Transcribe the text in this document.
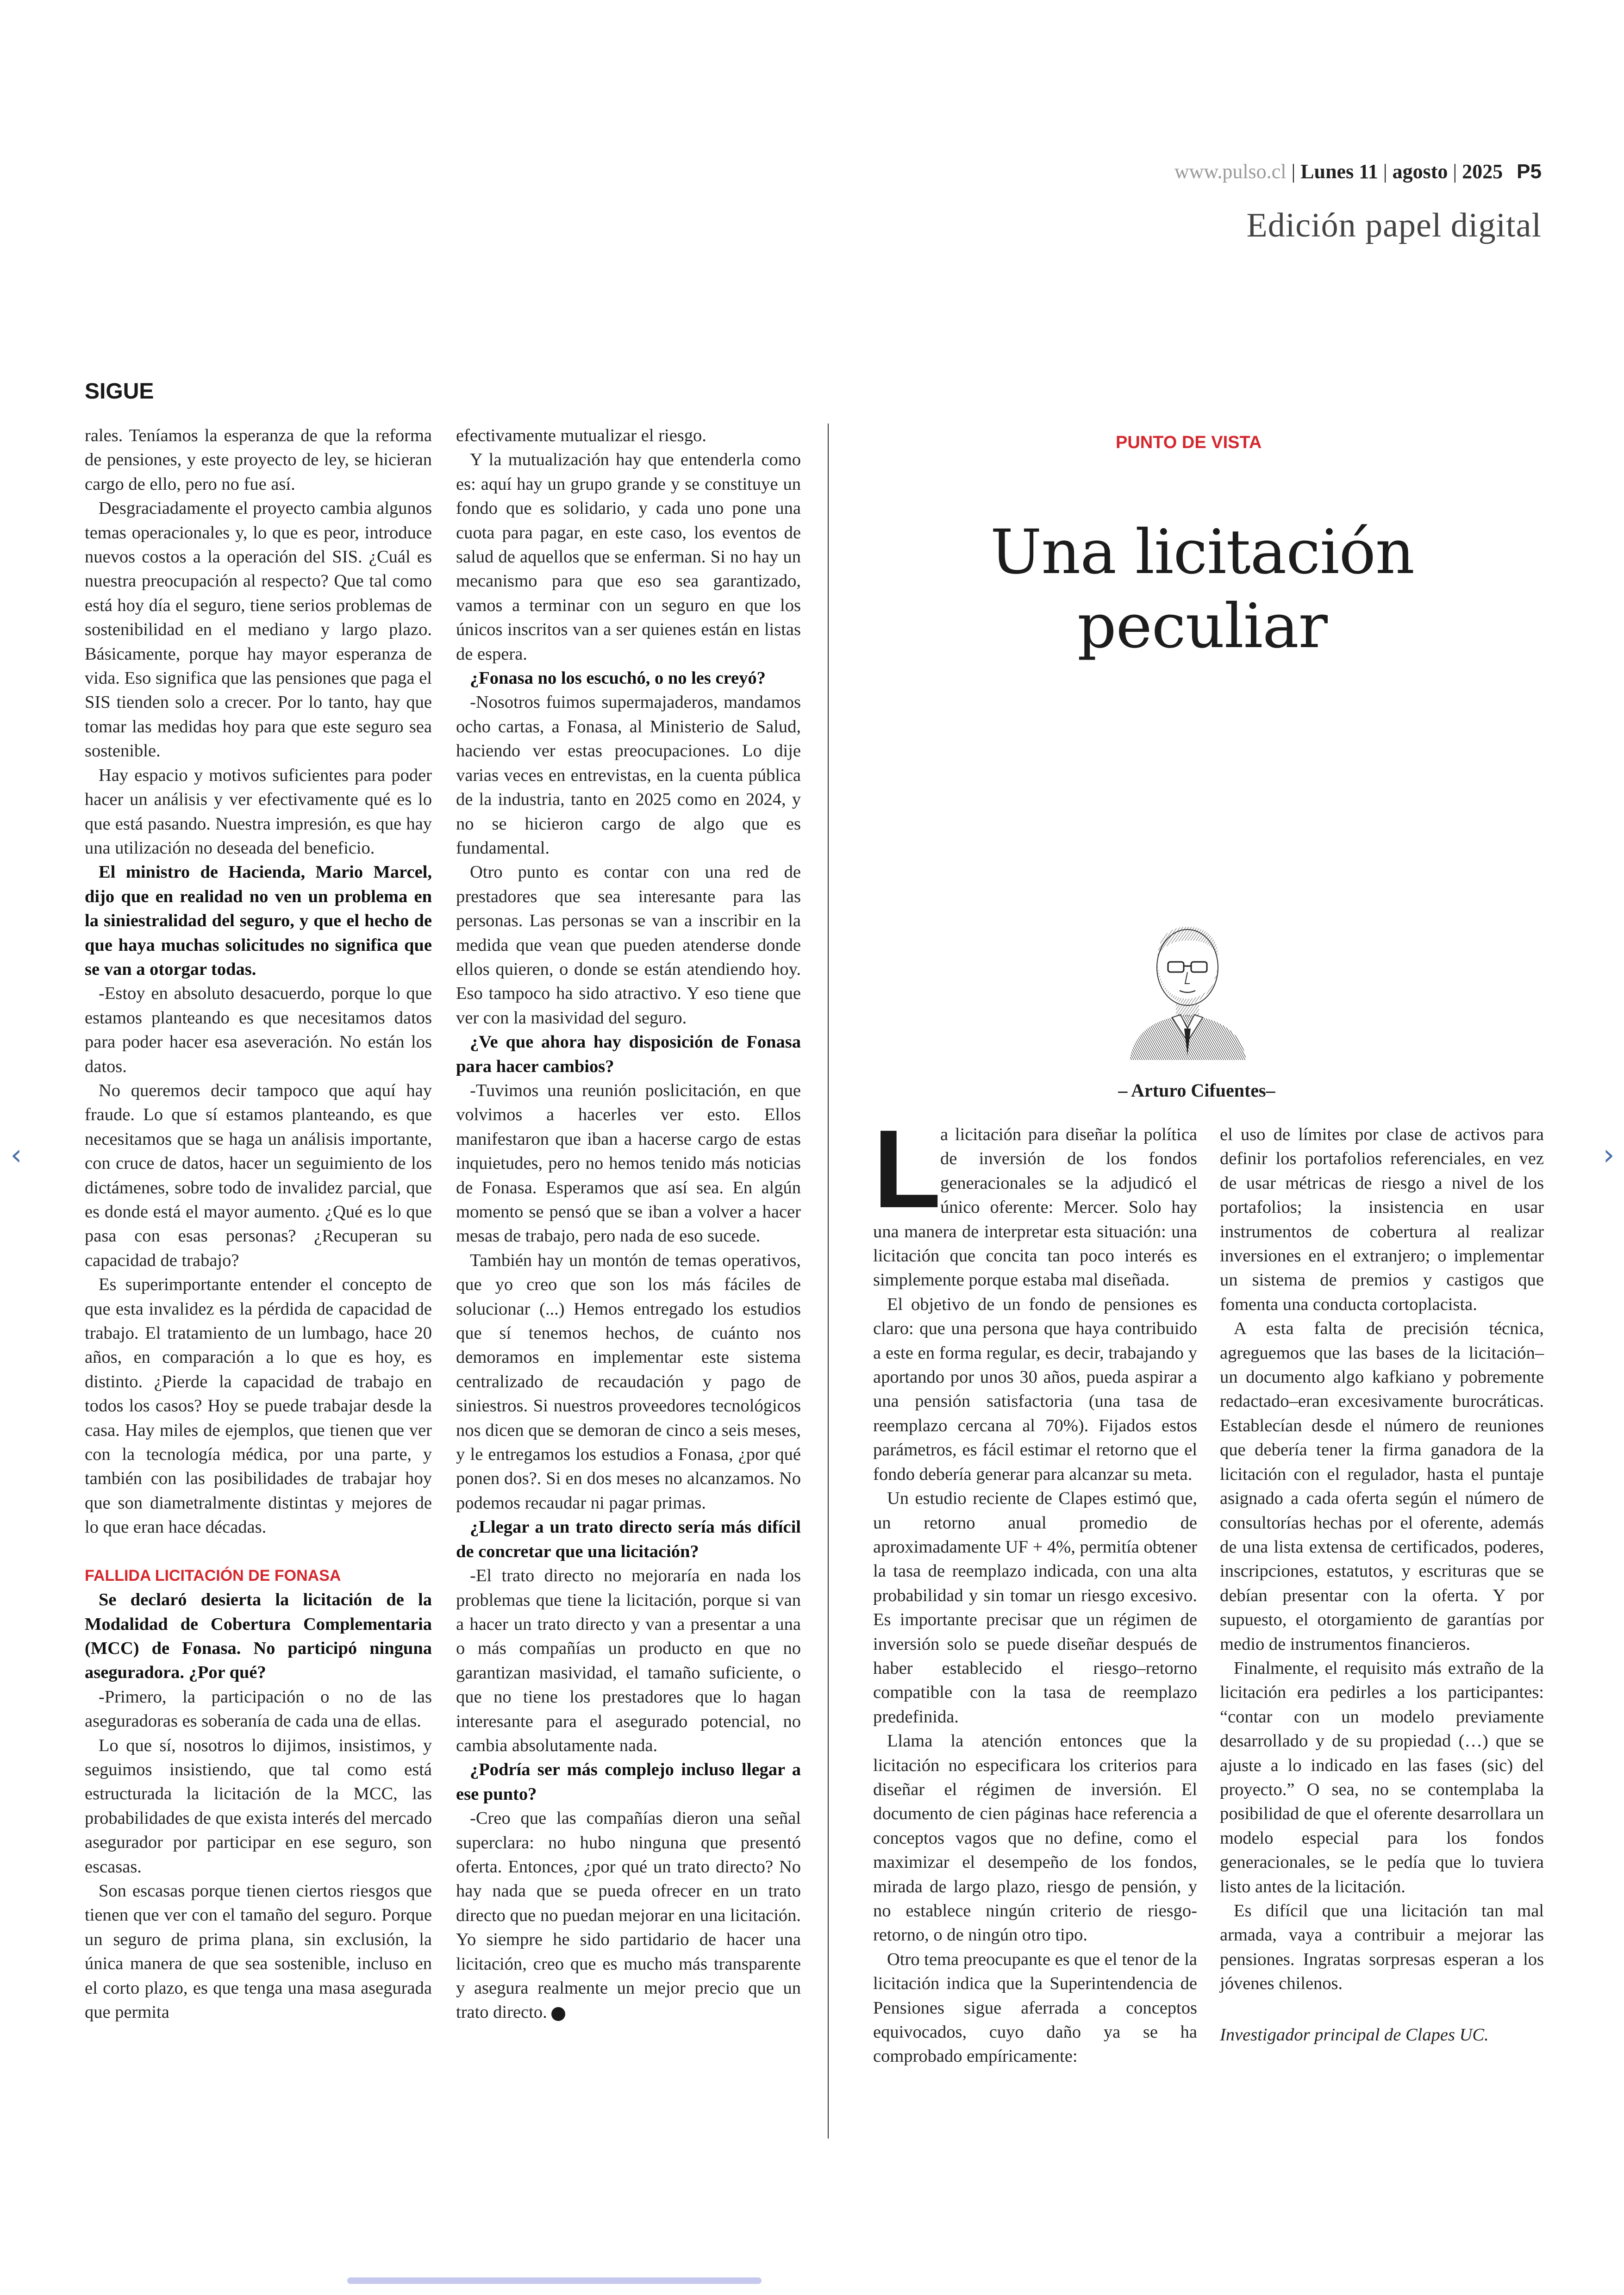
www.pulso.cl | Lunes 11 | agosto | 2025 P5
Edición papel digital
SIGUE

rales. Teníamos la esperanza de que la reforma de pensiones, y este proyecto de ley, se hicieran cargo de ello, pero no fue así.

Desgraciadamente el proyecto cambia algunos temas operacionales y, lo que es peor, introduce nuevos costos a la operación del SIS. ¿Cuál es nuestra preocupación al respecto? Que tal como está hoy día el seguro, tiene serios problemas de sostenibilidad en el mediano y largo plazo. Básicamente, porque hay mayor esperanza de vida. Eso significa que las pensiones que paga el SIS tienden solo a crecer. Por lo tanto, hay que tomar las medidas hoy para que este seguro sea sostenible.

Hay espacio y motivos suficientes para poder hacer un análisis y ver efectivamente qué es lo que está pasando. Nuestra impresión, es que hay una utilización no deseada del beneficio.

El ministro de Hacienda, Mario Marcel, dijo que en realidad no ven un problema en la siniestralidad del seguro, y que el hecho de que haya muchas solicitudes no significa que se van a otorgar todas.

-Estoy en absoluto desacuerdo, porque lo que estamos planteando es que necesitamos datos para poder hacer esa aseveración. No están los datos.

No queremos decir tampoco que aquí hay fraude. Lo que sí estamos planteando, es que necesitamos que se haga un análisis importante, con cruce de datos, hacer un seguimiento de los dictámenes, sobre todo de invalidez parcial, que es donde está el mayor aumento. ¿Qué es lo que pasa con esas personas? ¿Recuperan su capacidad de trabajo?

Es superimportante entender el concepto de que esta invalidez es la pérdida de capacidad de trabajo. El tratamiento de un lumbago, hace 20 años, en comparación a lo que es hoy, es distinto. ¿Pierde la capacidad de trabajo en todos los casos? Hoy se puede trabajar desde la casa. Hay miles de ejemplos, que tienen que ver con la tecnología médica, por una parte, y también con las posibilidades de trabajar hoy que son diametralmente distintas y mejores de lo que eran hace décadas.

FALLIDA LICITACIÓN DE FONASA

Se declaró desierta la licitación de la Modalidad de Cobertura Complementaria (MCC) de Fonasa. No participó ninguna aseguradora. ¿Por qué?

-Primero, la participación o no de las aseguradoras es soberanía de cada una de ellas.

Lo que sí, nosotros lo dijimos, insistimos, y seguimos insistiendo, que tal como está estructurada la licitación de la MCC, las probabilidades de que exista interés del mercado asegurador por participar en ese seguro, son escasas.

Son escasas porque tienen ciertos riesgos que tienen que ver con el tamaño del seguro. Porque un seguro de prima plana, sin exclusión, la única manera de que sea sostenible, incluso en el corto plazo, es que tenga una masa asegurada que permita

efectivamente mutualizar el riesgo.

Y la mutualización hay que entenderla como es: aquí hay un grupo grande y se constituye un fondo que es solidario, y cada uno pone una cuota para pagar, en este caso, los eventos de salud de aquellos que se enferman. Si no hay un mecanismo para que eso sea garantizado, vamos a terminar con un seguro en que los únicos inscritos van a ser quienes están en listas de espera.

¿Fonasa no los escuchó, o no les creyó?

-Nosotros fuimos supermajaderos, mandamos ocho cartas, a Fonasa, al Ministerio de Salud, haciendo ver estas preocupaciones. Lo dije varias veces en entrevistas, en la cuenta pública de la industria, tanto en 2025 como en 2024, y no se hicieron cargo de algo que es fundamental.

Otro punto es contar con una red de prestadores que sea interesante para las personas. Las personas se van a inscribir en la medida que vean que pueden atenderse donde ellos quieren, o donde se están atendiendo hoy. Eso tampoco ha sido atractivo. Y eso tiene que ver con la masividad del seguro.

¿Ve que ahora hay disposición de Fonasa para hacer cambios?

-Tuvimos una reunión poslicitación, en que volvimos a hacerles ver esto. Ellos manifestaron que iban a hacerse cargo de estas inquietudes, pero no hemos tenido más noticias de Fonasa. Esperamos que así sea. En algún momento se pensó que se iban a volver a hacer mesas de trabajo, pero nada de eso sucede.

También hay un montón de temas operativos, que yo creo que son los más fáciles de solucionar (...) Hemos entregado los estudios que sí tenemos hechos, de cuánto nos demoramos en implementar este sistema centralizado de recaudación y pago de siniestros. Si nuestros proveedores tecnológicos nos dicen que se demoran de cinco a seis meses, y le entregamos los estudios a Fonasa, ¿por qué ponen dos?. Si en dos meses no alcanzamos. No podemos recaudar ni pagar primas.

¿Llegar a un trato directo sería más difícil de concretar que una licitación?

-El trato directo no mejoraría en nada los problemas que tiene la licitación, porque si van a hacer un trato directo y van a presentar a una o más compañías un producto en que no garantizan masividad, el tamaño suficiente, o que no tiene los prestadores que lo hagan interesante para el asegurado potencial, no cambia absolutamente nada.

¿Podría ser más complejo incluso llegar a ese punto?

-Creo que las compañías dieron una señal superclara: no hubo ninguna que presentó oferta. Entonces, ¿por qué un trato directo? No hay nada que se pueda ofrecer en un trato directo que no puedan mejorar en una licitación. Yo siempre he sido partidario de hacer una licitación, creo que es mucho más transparente y asegura realmente un mejor precio que un trato directo. P

PUNTO DE VISTA
Una licitación peculiar
– Arturo Cifuentes–

L
a licitación para diseñar la política de inversión de los fondos generacionales se la adjudicó el único oferente: Mercer. Solo hay una manera de interpretar esta situación: una licitación que concita tan poco interés es simplemente porque estaba mal diseñada.

El objetivo de un fondo de pensiones es claro: que una persona que haya contribuido a este en forma regular, es decir, trabajando y aportando por unos 30 años, pueda aspirar a una pensión satisfactoria (una tasa de reemplazo cercana al 70%). Fijados estos parámetros, es fácil estimar el retorno que el fondo debería generar para alcanzar su meta.

Un estudio reciente de Clapes estimó que, un retorno anual promedio de aproximadamente UF + 4%, permitía obtener la tasa de reemplazo indicada, con una alta probabilidad y sin tomar un riesgo excesivo. Es importante precisar que un régimen de inversión solo se puede diseñar después de haber establecido el riesgo–retorno compatible con la tasa de reemplazo predefinida.

Llama la atención entonces que la licitación no especificara los criterios para diseñar el régimen de inversión. El documento de cien páginas hace referencia a conceptos vagos que no define, como el maximizar el desempeño de los fondos, mirada de largo plazo, riesgo de pensión, y no establece ningún criterio de riesgo-retorno, o de ningún otro tipo.

Otro tema preocupante es que el tenor de la licitación indica que la Superintendencia de Pensiones sigue aferrada a conceptos equivocados, cuyo daño ya se ha comprobado empíricamente:

el uso de límites por clase de activos para definir los portafolios referenciales, en vez de usar métricas de riesgo a nivel de los portafolios; la insistencia en usar instrumentos de cobertura al realizar inversiones en el extranjero; o implementar un sistema de premios y castigos que fomenta una conducta cortoplacista.

A esta falta de precisión técnica, agreguemos que las bases de la licitación– un documento algo kafkiano y pobremente redactado–eran excesivamente burocráticas. Establecían desde el número de reuniones que debería tener la firma ganadora de la licitación con el regulador, hasta el puntaje asignado a cada oferta según el número de consultorías hechas por el oferente, además de una lista extensa de certificados, poderes, inscripciones, estatutos, y escrituras que se debían presentar con la oferta. Y por supuesto, el otorgamiento de garantías por medio de instrumentos financieros.

Finalmente, el requisito más extraño de la licitación era pedirles a los participantes: “contar con un modelo previamente desarrollado y de su propiedad (…) que se ajuste a lo indicado en las fases (sic) del proyecto.” O sea, no se contemplaba la posibilidad de que el oferente desarrollara un modelo especial para los fondos generacionales, se le pedía que lo tuviera listo antes de la licitación.

Es difícil que una licitación tan mal armada, vaya a contribuir a mejorar las pensiones. Ingratas sorpresas esperan a los jóvenes chilenos.

Investigador principal de Clapes UC.

‹	›
